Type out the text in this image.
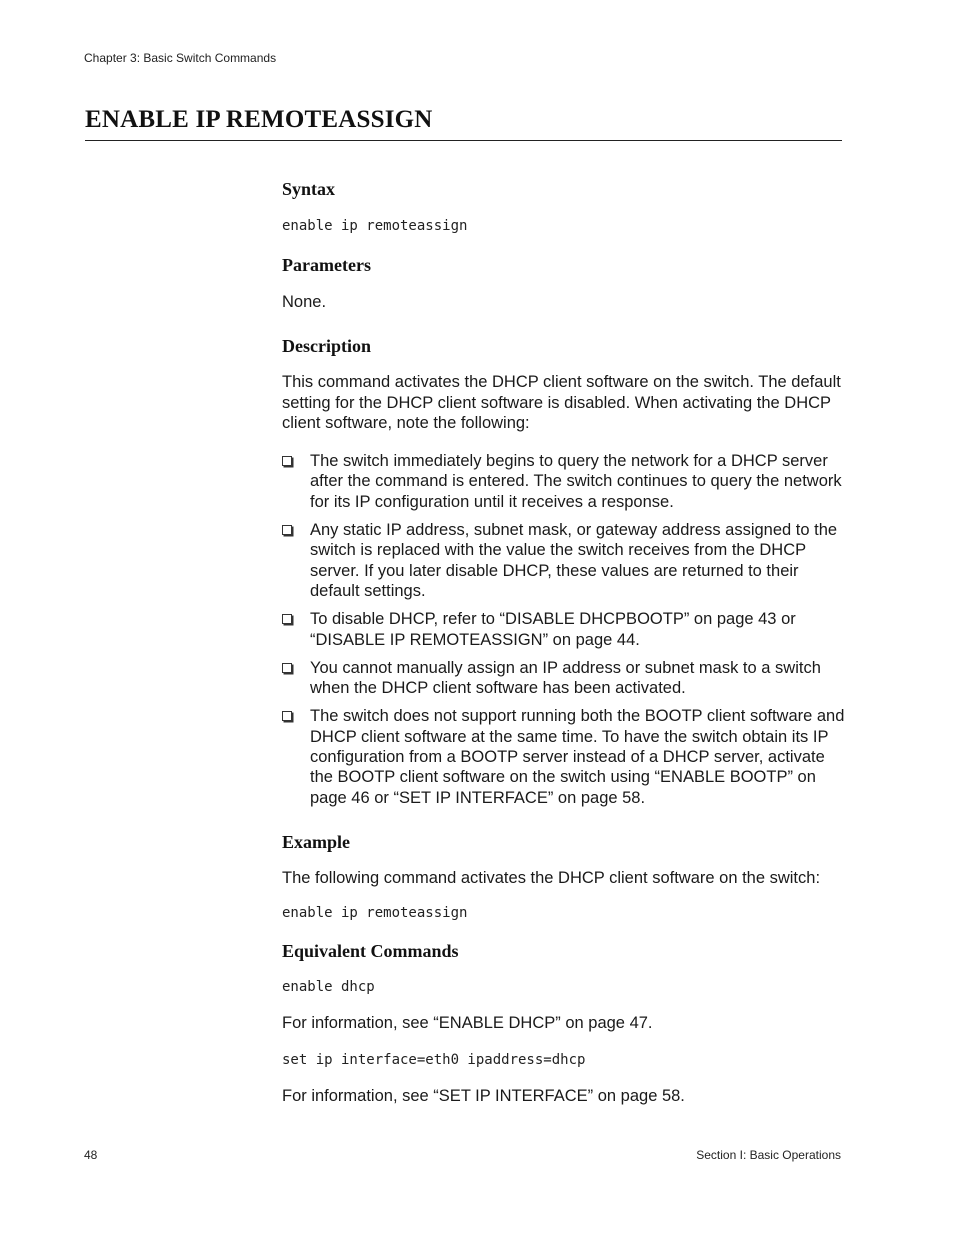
Chapter 3: Basic Switch Commands
ENABLE IP REMOTEASSIGN
Syntax
enable ip remoteassign
Parameters

None.

Description

This command activates the DHCP client software on the switch. The default setting for the DHCP client software is disabled. When activating the DHCP client software, note the following:

The switch immediately begins to query the network for a DHCP server after the command is entered. The switch continues to query the network for its IP configuration until it receives a response.
Any static IP address, subnet mask, or gateway address assigned to the switch is replaced with the value the switch receives from the DHCP server. If you later disable DHCP, these values are returned to their default settings.
To disable DHCP, refer to “DISABLE DHCPBOOTP” on page 43 or “DISABLE IP REMOTEASSIGN” on page 44.
You cannot manually assign an IP address or subnet mask to a switch when the DHCP client software has been activated.
The switch does not support running both the BOOTP client software and DHCP client software at the same time. To have the switch obtain its IP configuration from a BOOTP server instead of a DHCP server, activate the BOOTP client software on the switch using “ENABLE BOOTP” on page 46 or “SET IP INTERFACE” on page 58.
Example

The following command activates the DHCP client software on the switch:

enable ip remoteassign
Equivalent Commands
enable dhcp

For information, see “ENABLE DHCP” on page 47.

set ip interface=eth0 ipaddress=dhcp

For information, see “SET IP INTERFACE” on page 58.

48	Section I: Basic Operations
